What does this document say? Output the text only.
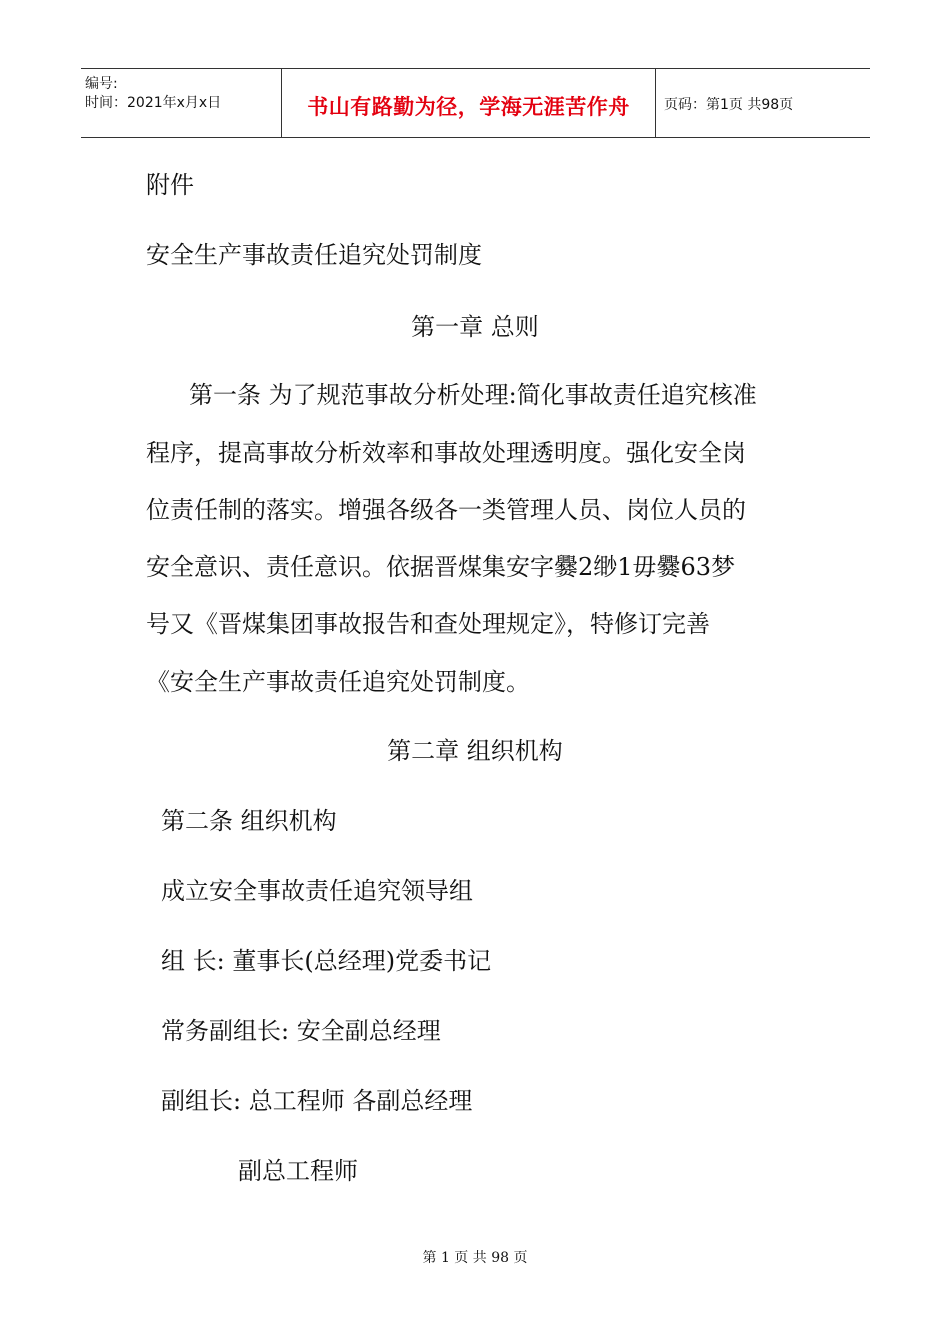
编号:
时间：2021年x月x日	书山有路勤为径，学海无涯苦作舟	页码：第1页 共98页
附件
安全生产事故责任追究处罚制度
第一章 总则
第一条 为了规范事故分析处理:简化事故责任追究核准
程序，提高事故分析效率和事故处理透明度。强化安全岗
位责任制的落实。增强各级各一类管理人员、岗位人员的
安全意识、责任意识。依据晋煤集安字爨2缈1毋爨63梦
号又《晋煤集团事故报告和查处理规定》，特修订完善
《安全生产事故责任追究处罚制度。
第二章 组织机构
第二条 组织机构
成立安全事故责任追究领导组
组 长: 董事长(总经理)党委书记
常务副组长: 安全副总经理
副组长: 总工程师 各副总经理
副总工程师
第 1 页 共 98 页
